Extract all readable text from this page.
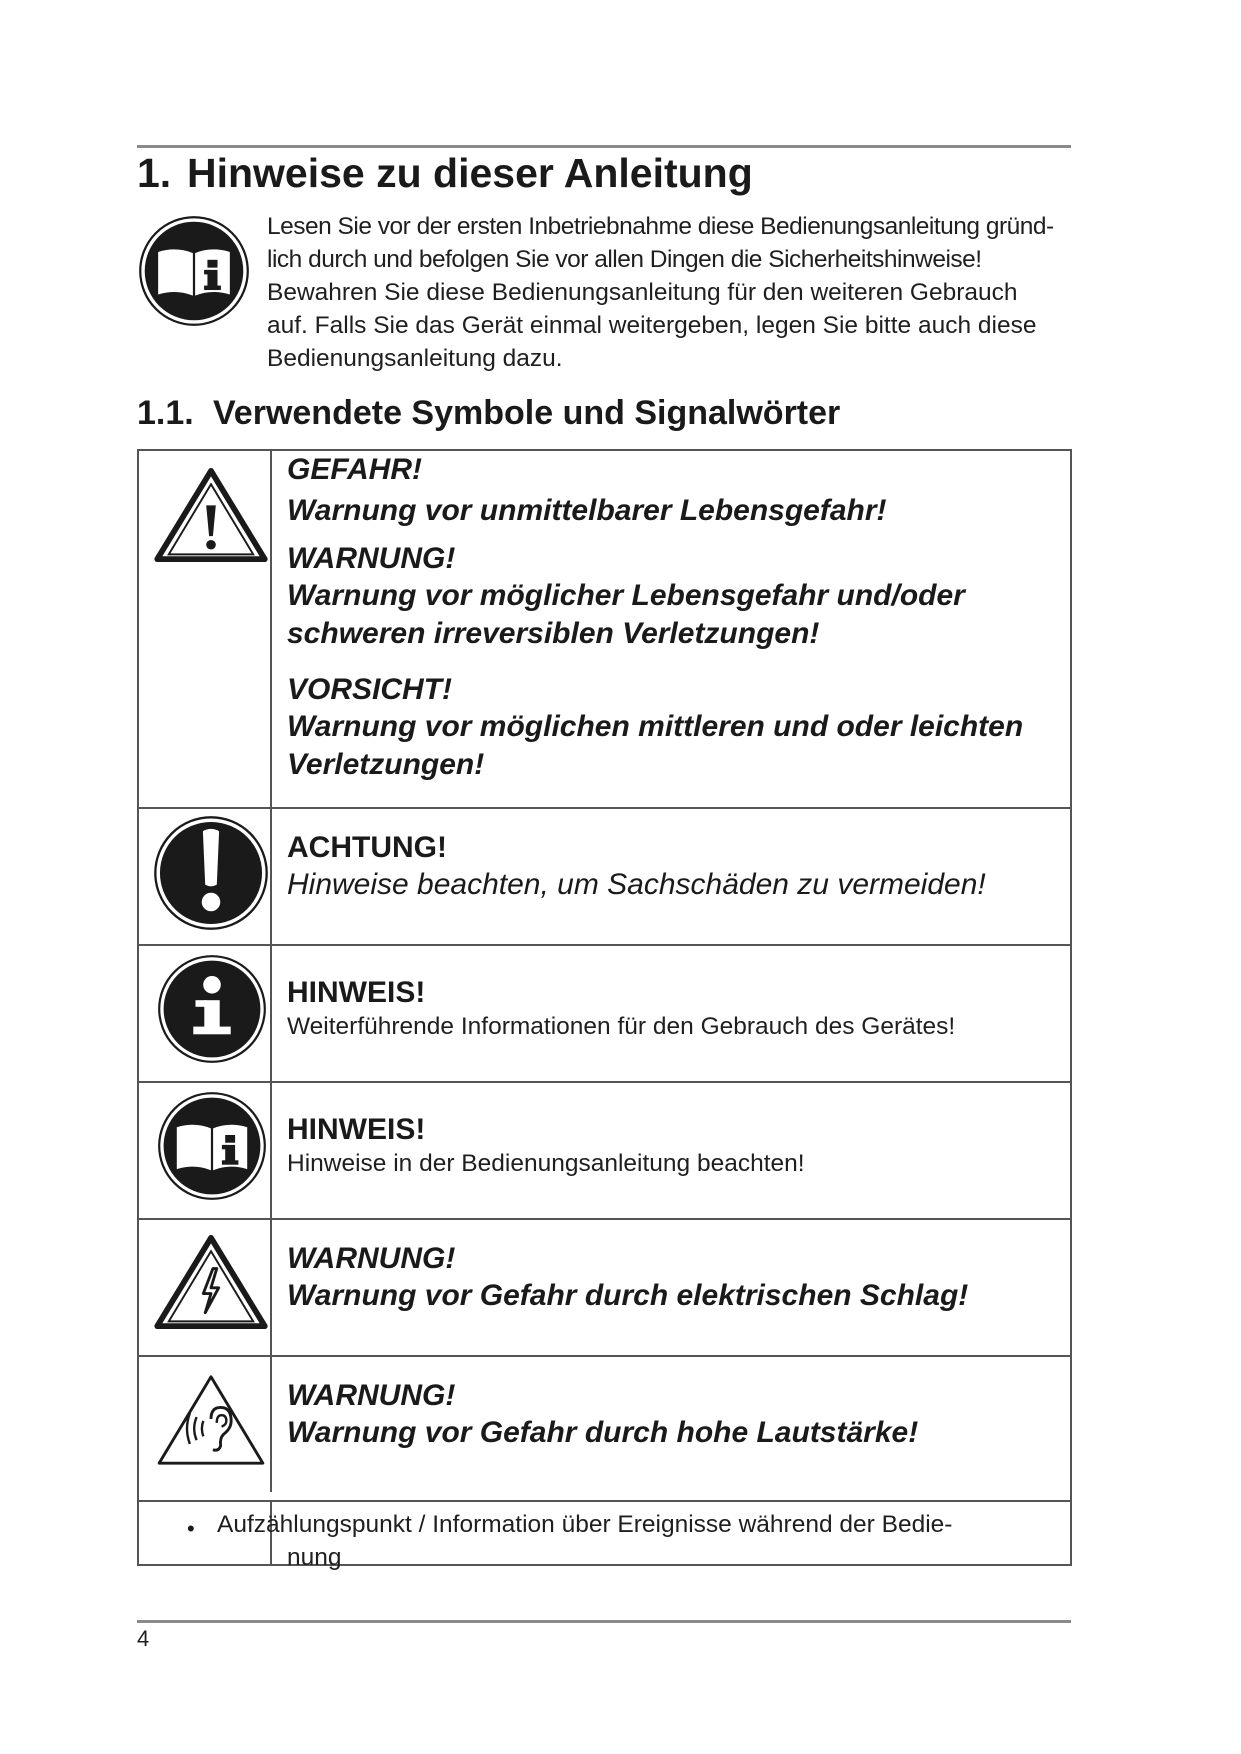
1. Hinweise zu dieser Anleitung

Lesen Sie vor der ersten Inbetriebnahme diese Bedienungsanleitung gründ-

lich durch und befolgen Sie vor allen Dingen die Sicherheitshinweise!

Bewahren Sie diese Bedienungsanleitung für den weiteren Gebrauch

auf. Falls Sie das Gerät einmal weitergeben, legen Sie bitte auch diese

Bedienungsanleitung dazu.

1.1. Verwendete Symbole und Signalwörter
GEFAHR!
Warnung vor unmittelbarer Lebensgefahr!
WARNUNG!
Warnung vor möglicher Lebensgefahr und/oder
schweren irreversiblen Verletzungen!
VORSICHT!
Warnung vor möglichen mittleren und oder leichten
Verletzungen!
ACHTUNG!
Hinweise beachten, um Sachschäden zu vermeiden!
HINWEIS!
Weiterführende Informationen für den Gebrauch des Gerätes!
HINWEIS!
Hinweise in der Bedienungsanleitung beachten!
WARNUNG!
Warnung vor Gefahr durch elektrischen Schlag!
WARNUNG!
Warnung vor Gefahr durch hohe Lautstärke!
• Aufzählungspunkt / Information über Ereignisse während der Bedie-
nung
4
